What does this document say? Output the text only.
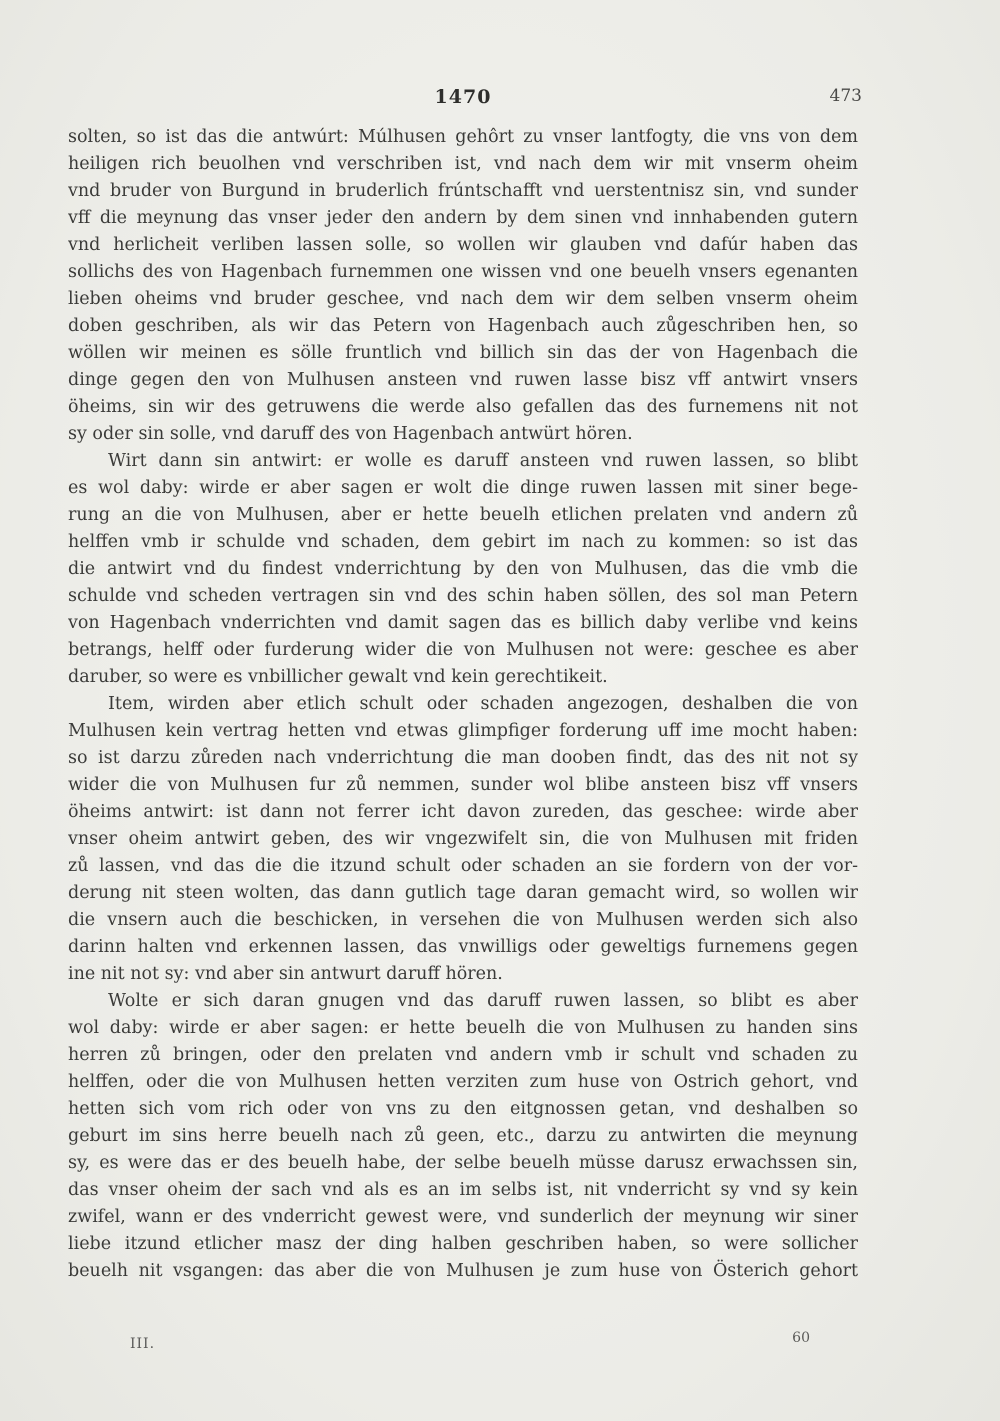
1470	473
solten, so ist das die antwúrt: Múlhusen gehôrt zu vnser lantfogty, die vns von dem
heiligen rich beuolhen vnd verschriben ist, vnd nach dem wir mit vnserm oheim
vnd bruder von Burgund in bruderlich frúntschafft vnd uerstentnisz sin, vnd sunder
vff die meynung das vnser jeder den andern by dem sinen vnd innhabenden gutern
vnd herlicheit verliben lassen solle, so wollen wir glauben vnd dafúr haben das
sollichs des von Hagenbach furnemmen one wissen vnd one beuelh vnsers egenanten
lieben oheims vnd bruder geschee, vnd nach dem wir dem selben vnserm oheim
doben geschriben, als wir das Petern von Hagenbach auch zůgeschriben hen, so
wöllen wir meinen es sölle fruntlich vnd billich sin das der von Hagenbach die
dinge gegen den von Mulhusen ansteen vnd ruwen lasse bisz vff antwirt vnsers
öheims, sin wir des getruwens die werde also gefallen das des furnemens nit not
sy oder sin solle, vnd daruff des von Hagenbach antwürt hören.
Wirt dann sin antwirt: er wolle es daruff ansteen vnd ruwen lassen, so blibt
es wol daby: wirde er aber sagen er wolt die dinge ruwen lassen mit siner bege-
rung an die von Mulhusen, aber er hette beuelh etlichen prelaten vnd andern zů
helffen vmb ir schulde vnd schaden, dem gebirt im nach zu kommen: so ist das
die antwirt vnd du findest vnderrichtung by den von Mulhusen, das die vmb die
schulde vnd scheden vertragen sin vnd des schin haben söllen, des sol man Petern
von Hagenbach vnderrichten vnd damit sagen das es billich daby verlibe vnd keins
betrangs, helff oder furderung wider die von Mulhusen not were: geschee es aber
daruber, so were es vnbillicher gewalt vnd kein gerechtikeit.
Item, wirden aber etlich schult oder schaden angezogen, deshalben die von
Mulhusen kein vertrag hetten vnd etwas glimpfiger forderung uff ime mocht haben:
so ist darzu zůreden nach vnderrichtung die man dooben findt, das des nit not sy
wider die von Mulhusen fur zů nemmen, sunder wol blibe ansteen bisz vff vnsers
öheims antwirt: ist dann not ferrer icht davon zureden, das geschee: wirde aber
vnser oheim antwirt geben, des wir vngezwifelt sin, die von Mulhusen mit friden
zů lassen, vnd das die die itzund schult oder schaden an sie fordern von der vor-
derung nit steen wolten, das dann gutlich tage daran gemacht wird, so wollen wir
die vnsern auch die beschicken, in versehen die von Mulhusen werden sich also
darinn halten vnd erkennen lassen, das vnwilligs oder geweltigs furnemens gegen
ine nit not sy: vnd aber sin antwurt daruff hören.
Wolte er sich daran gnugen vnd das daruff ruwen lassen, so blibt es aber
wol daby: wirde er aber sagen: er hette beuelh die von Mulhusen zu handen sins
herren zů bringen, oder den prelaten vnd andern vmb ir schult vnd schaden zu
helffen, oder die von Mulhusen hetten verziten zum huse von Ostrich gehort, vnd
hetten sich vom rich oder von vns zu den eitgnossen getan, vnd deshalben so
geburt im sins herre beuelh nach zů geen, etc., darzu zu antwirten die meynung
sy, es were das er des beuelh habe, der selbe beuelh müsse darusz erwachssen sin,
das vnser oheim der sach vnd als es an im selbs ist, nit vnderricht sy vnd sy kein
zwifel, wann er des vnderricht gewest were, vnd sunderlich der meynung wir siner
liebe itzund etlicher masz der ding halben geschriben haben, so were sollicher
beuelh nit vsgangen: das aber die von Mulhusen je zum huse von Österich gehort
III.	60
